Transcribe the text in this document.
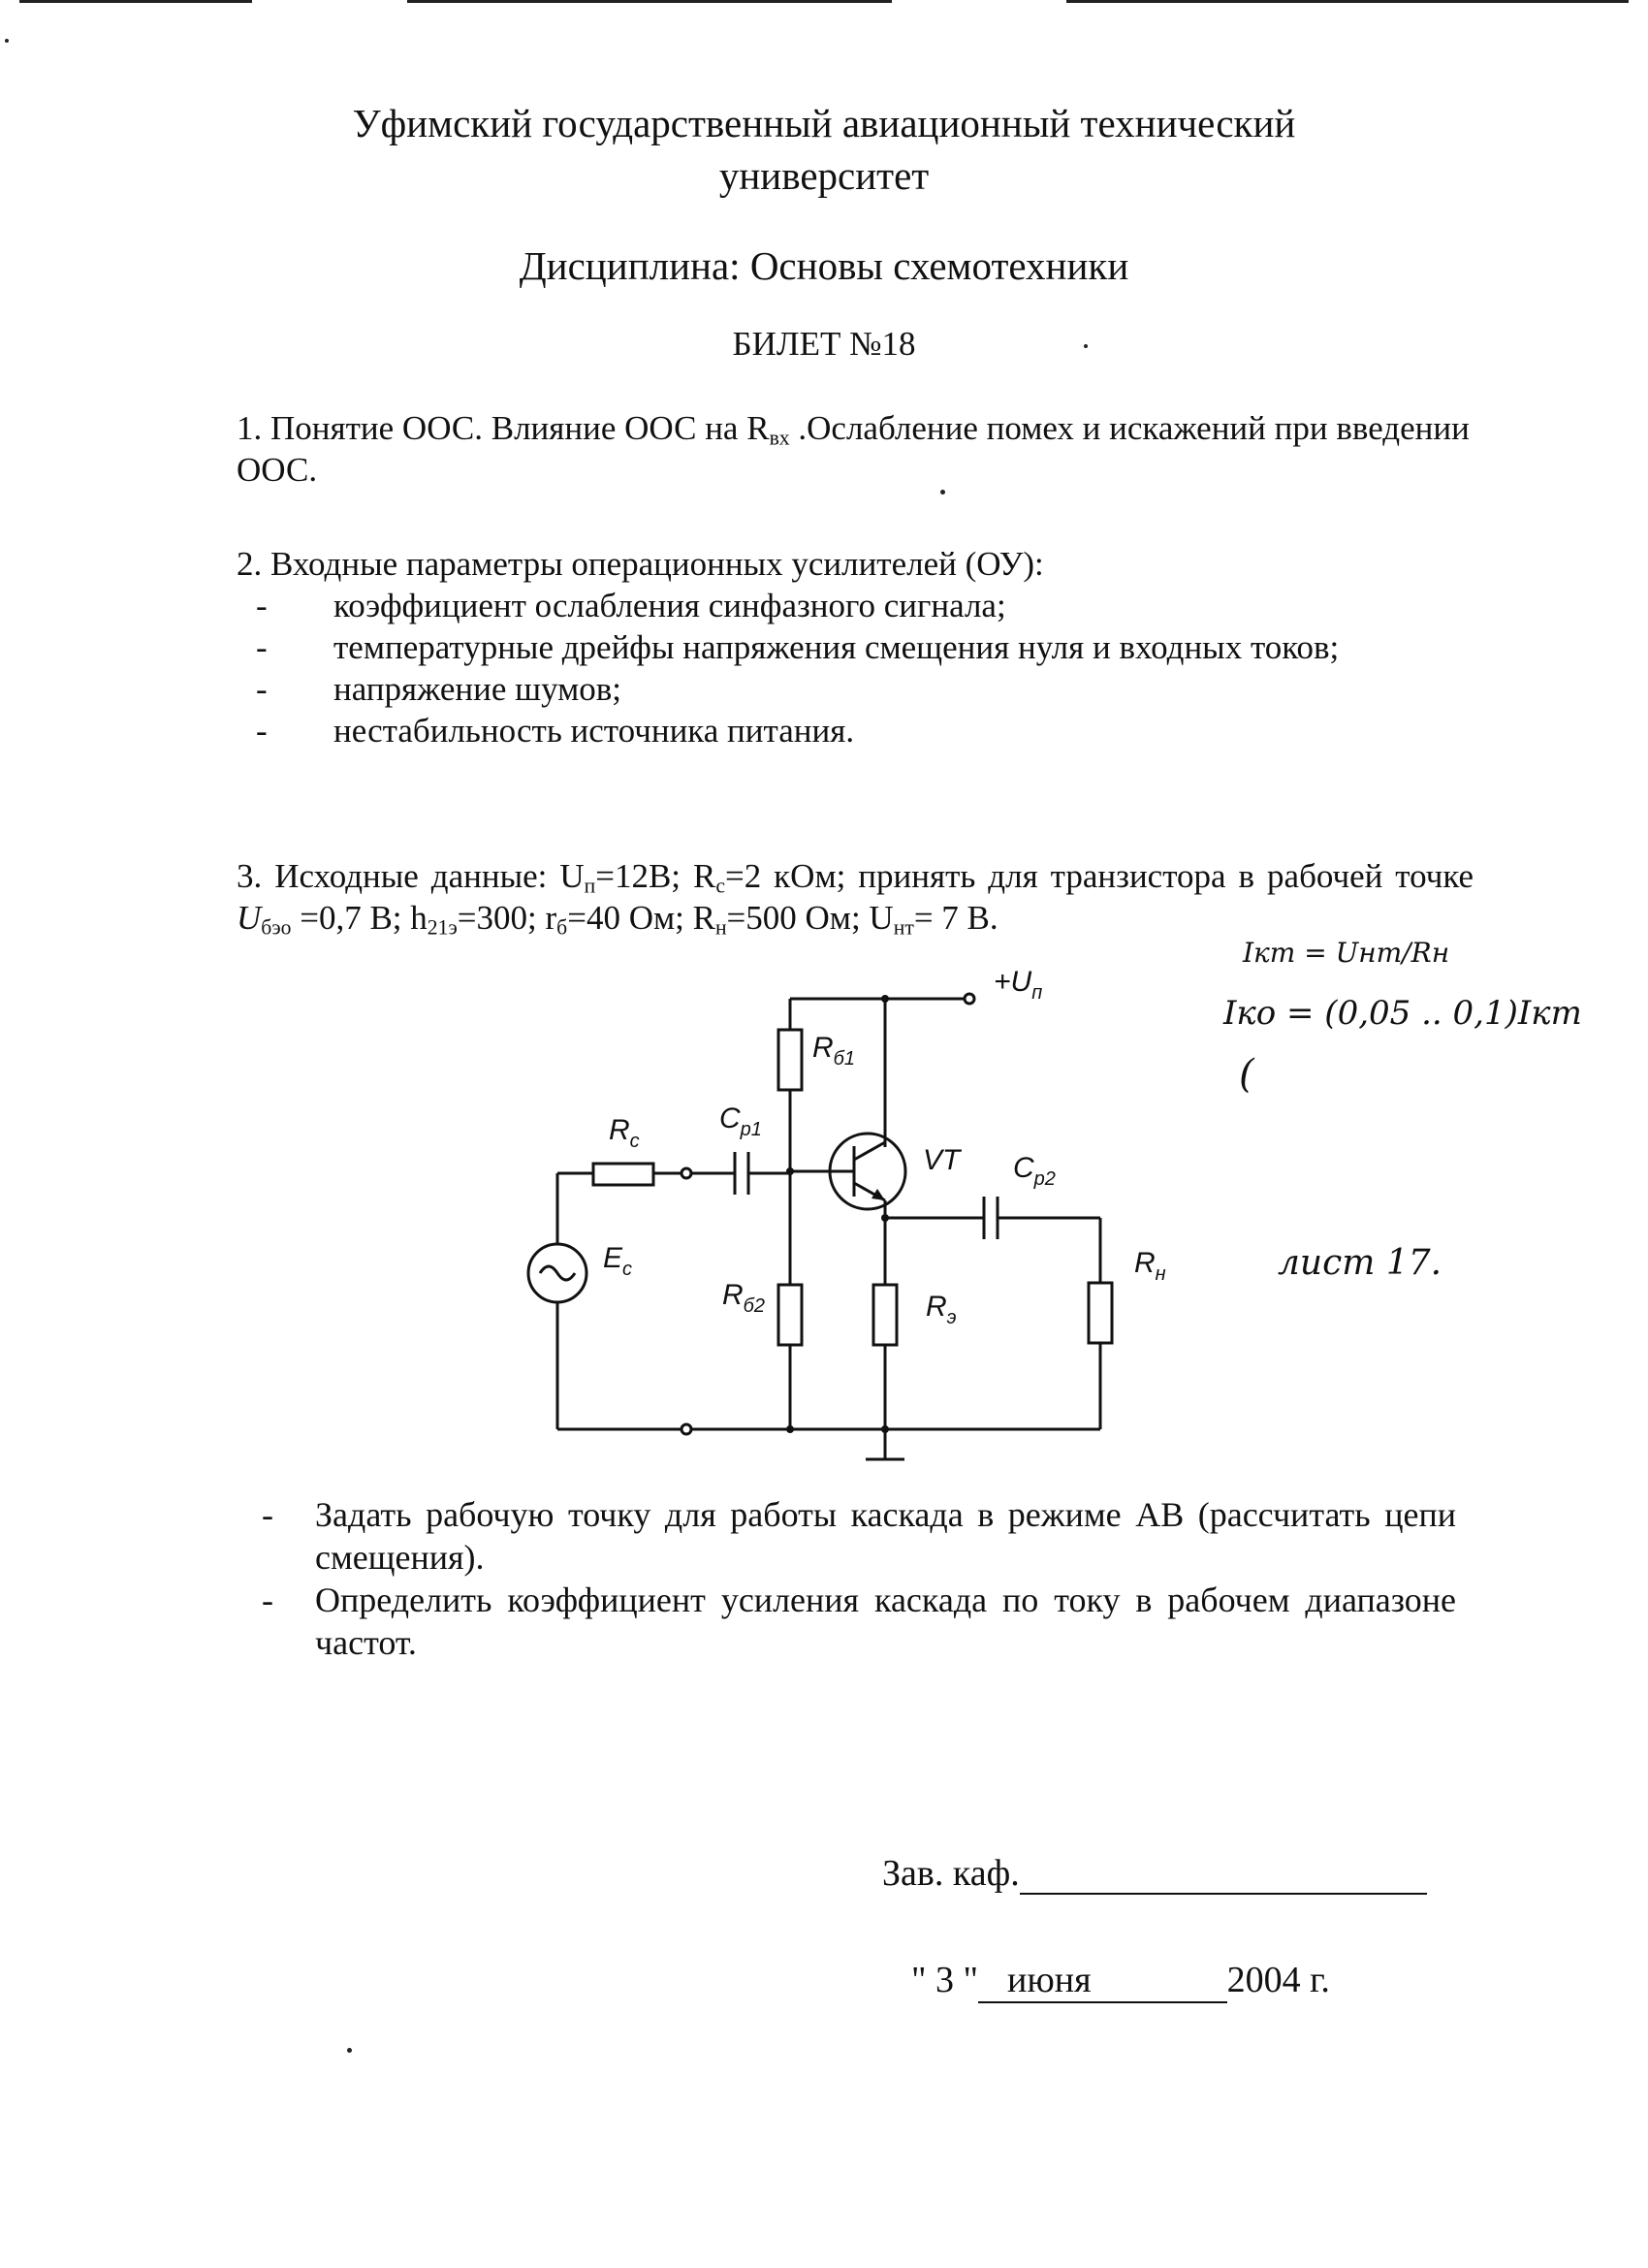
Уфимский государственный авиационный технический
университет
Дисциплина: Основы схемотехники
БИЛЕТ №18
1. Понятие ООС. Влияние ООС на $R_{вх}$ .Ослабление помех и искажений при введении ООС.
2. Входные параметры операционных усилителей (ОУ):
- коэффициент ослабления синфазного сигнала;
- температурные дрейфы напряжения смещения нуля и входных токов;
- напряжение шумов;
- нестабильность источника питания.
3. Исходные данные: $U_п=12В$; $R_с=2$ кОм; принять для транзистора в рабочей точке $U_{бэо} =0,7$ В; $h_{21э}=300$; $r_б=40$ Ом; $R_н=500$ Ом; $U_{нт}= 7$ В.
$+U_п$
$R_{б1}$
$R_с$
$C_{р1}$
VT $C_{р2}$
$E_с$
$R_{б2}$	$R_э$
$R_н$
Iкт = Uнт/Rн
Iко = (0,05 .. 0,1)Iкт
(
лист 17.
- Задать рабочую точку для работы каскада в режиме АВ (рассчитать цепи смещения).
- Определить коэффициент усиления каскада по току в рабочем диапазоне частот.
Зав. каф.
" 3 " июня	2004 г.
